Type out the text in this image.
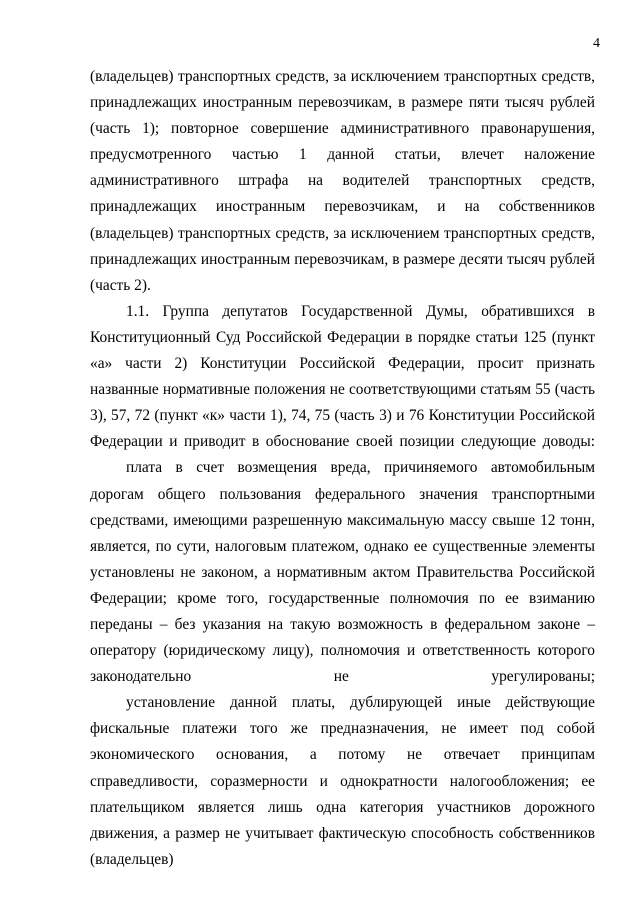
4

(владельцев) транспортных средств, за исключением транспортных средств, принадлежащих иностранным перевозчикам, в размере пяти тысяч рублей (часть 1); повторное совершение административного правонарушения, предусмотренного частью 1 данной статьи, влечет наложение административного штрафа на водителей транспортных средств, принадлежащих иностранным перевозчикам, и на собственников (владельцев) транспортных средств, за исключением транспортных средств, принадлежащих иностранным перевозчикам, в размере десяти тысяч рублей (часть 2).

1.1. Группа депутатов Государственной Думы, обратившихся в Конституционный Суд Российской Федерации в порядке статьи 125 (пункт «а» части 2) Конституции Российской Федерации, просит признать названные нормативные положения не соответствующими статьям 55 (часть 3), 57, 72 (пункт «к» части 1), 74, 75 (часть 3) и 76 Конституции Российской Федерации и приводит в обоснование своей позиции следующие доводы:

плата в счет возмещения вреда, причиняемого автомобильным дорогам общего пользования федерального значения транспортными средствами, имеющими разрешенную максимальную массу свыше 12 тонн, является, по сути, налоговым платежом, однако ее существенные элементы установлены не законом, а нормативным актом Правительства Российской Федерации; кроме того, государственные полномочия по ее взиманию переданы – без указания на такую возможность в федеральном законе – оператору (юридическому лицу), полномочия и ответственность которого законодательно не урегулированы;

установление данной платы, дублирующей иные действующие фискальные платежи того же предназначения, не имеет под собой экономического основания, а потому не отвечает принципам справедливости, соразмерности и однократности налогообложения; ее плательщиком является лишь одна категория участников дорожного движения, а размер не учитывает фактическую способность собственников (владельцев)
